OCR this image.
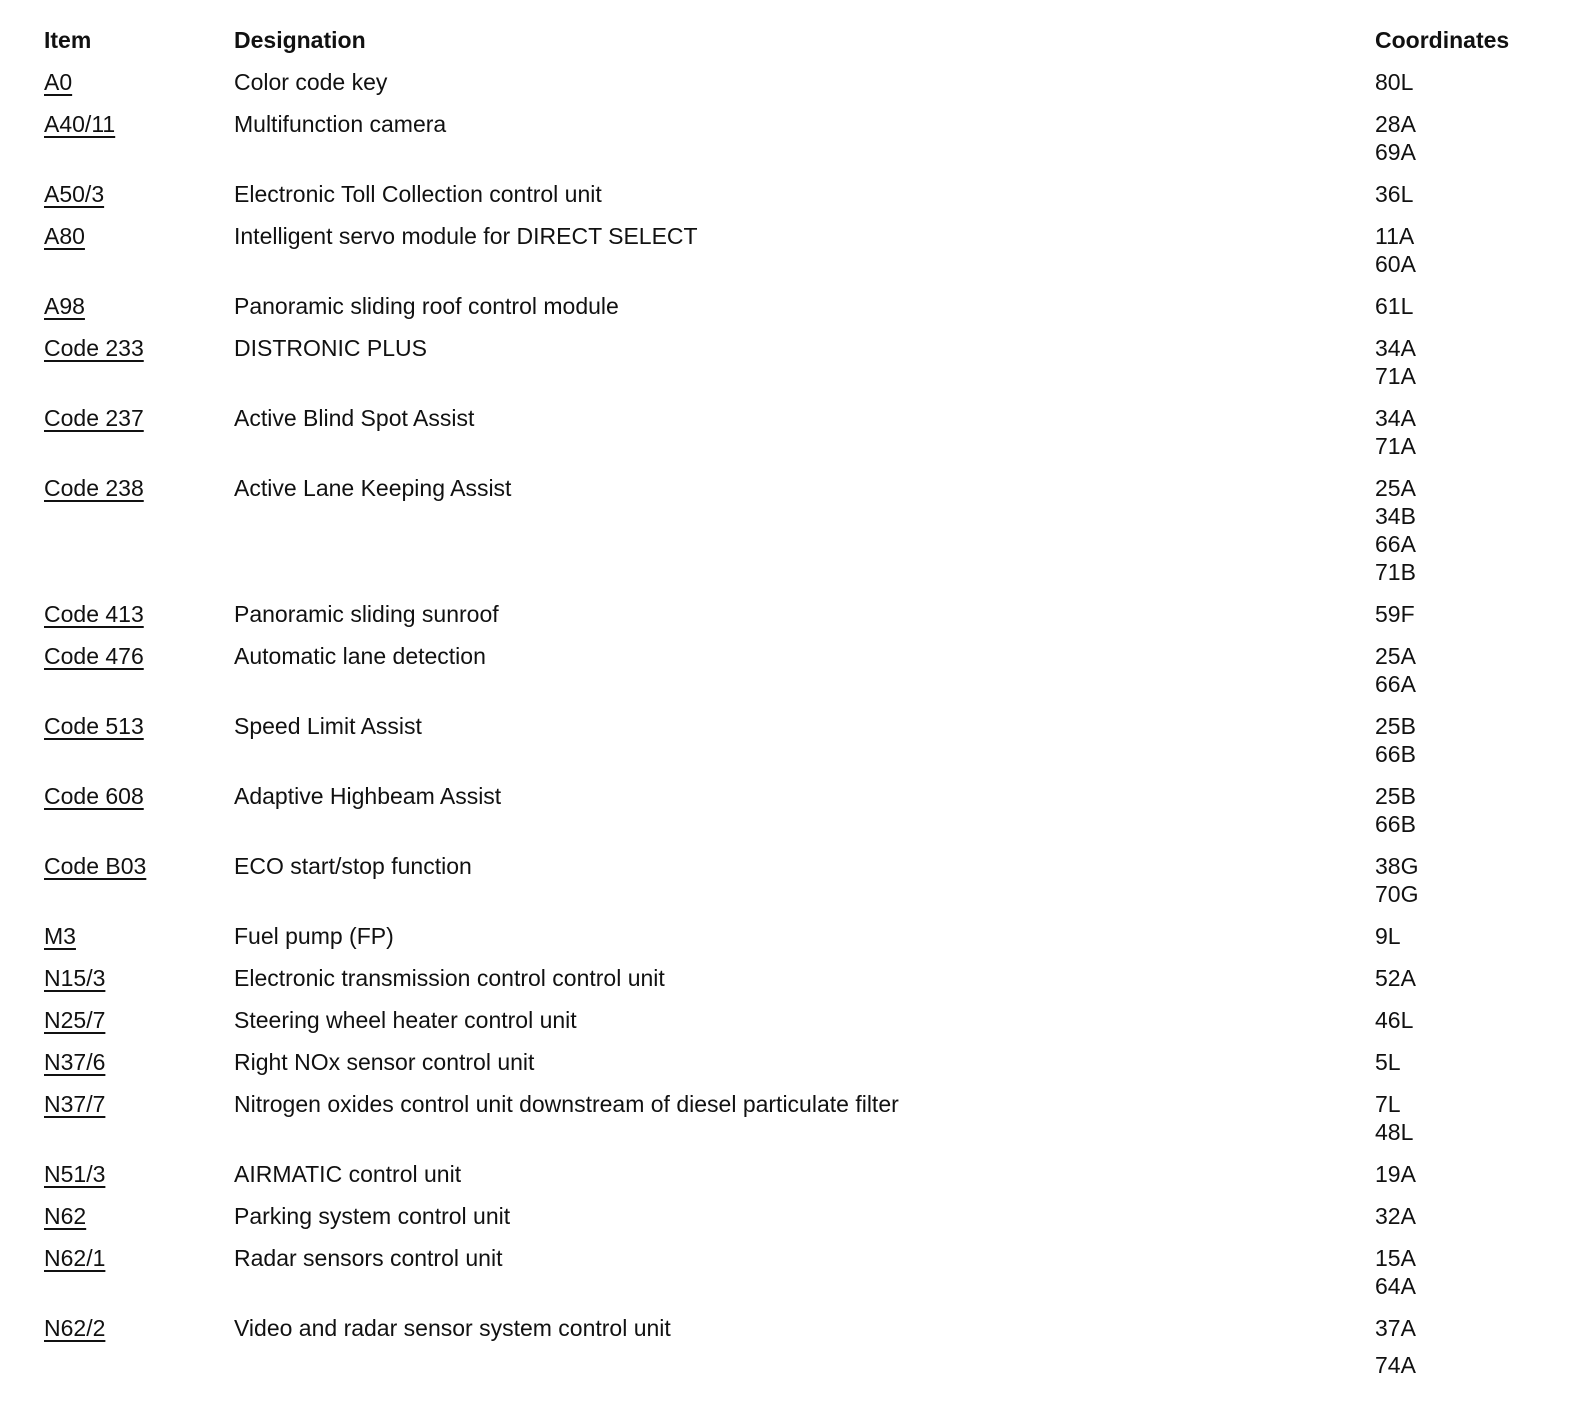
Item	Designation	Coordinates
A0	Color code key	80L
A40/11	Multifunction camera	28A
69A
A50/3	Electronic Toll Collection control unit	36L
A80	Intelligent servo module for DIRECT SELECT	11A
60A
A98	Panoramic sliding roof control module	61L
Code 233	DISTRONIC PLUS	34A
71A
Code 237	Active Blind Spot Assist	34A
71A
Code 238	Active Lane Keeping Assist	25A
34B
66A
71B
Code 413	Panoramic sliding sunroof	59F
Code 476	Automatic lane detection	25A
66A
Code 513	Speed Limit Assist	25B
66B
Code 608	Adaptive Highbeam Assist	25B
66B
Code B03	ECO start/stop function	38G
70G
M3	Fuel pump (FP)	9L
N15/3	Electronic transmission control control unit	52A
N25/7	Steering wheel heater control unit	46L
N37/6	Right NOx sensor control unit	5L
N37/7	Nitrogen oxides control unit downstream of diesel particulate filter	7L
48L
N51/3	AIRMATIC control unit	19A
N62	Parking system control unit	32A
N62/1	Radar sensors control unit	15A
64A
N62/2	Video and radar sensor system control unit	37A
74A
